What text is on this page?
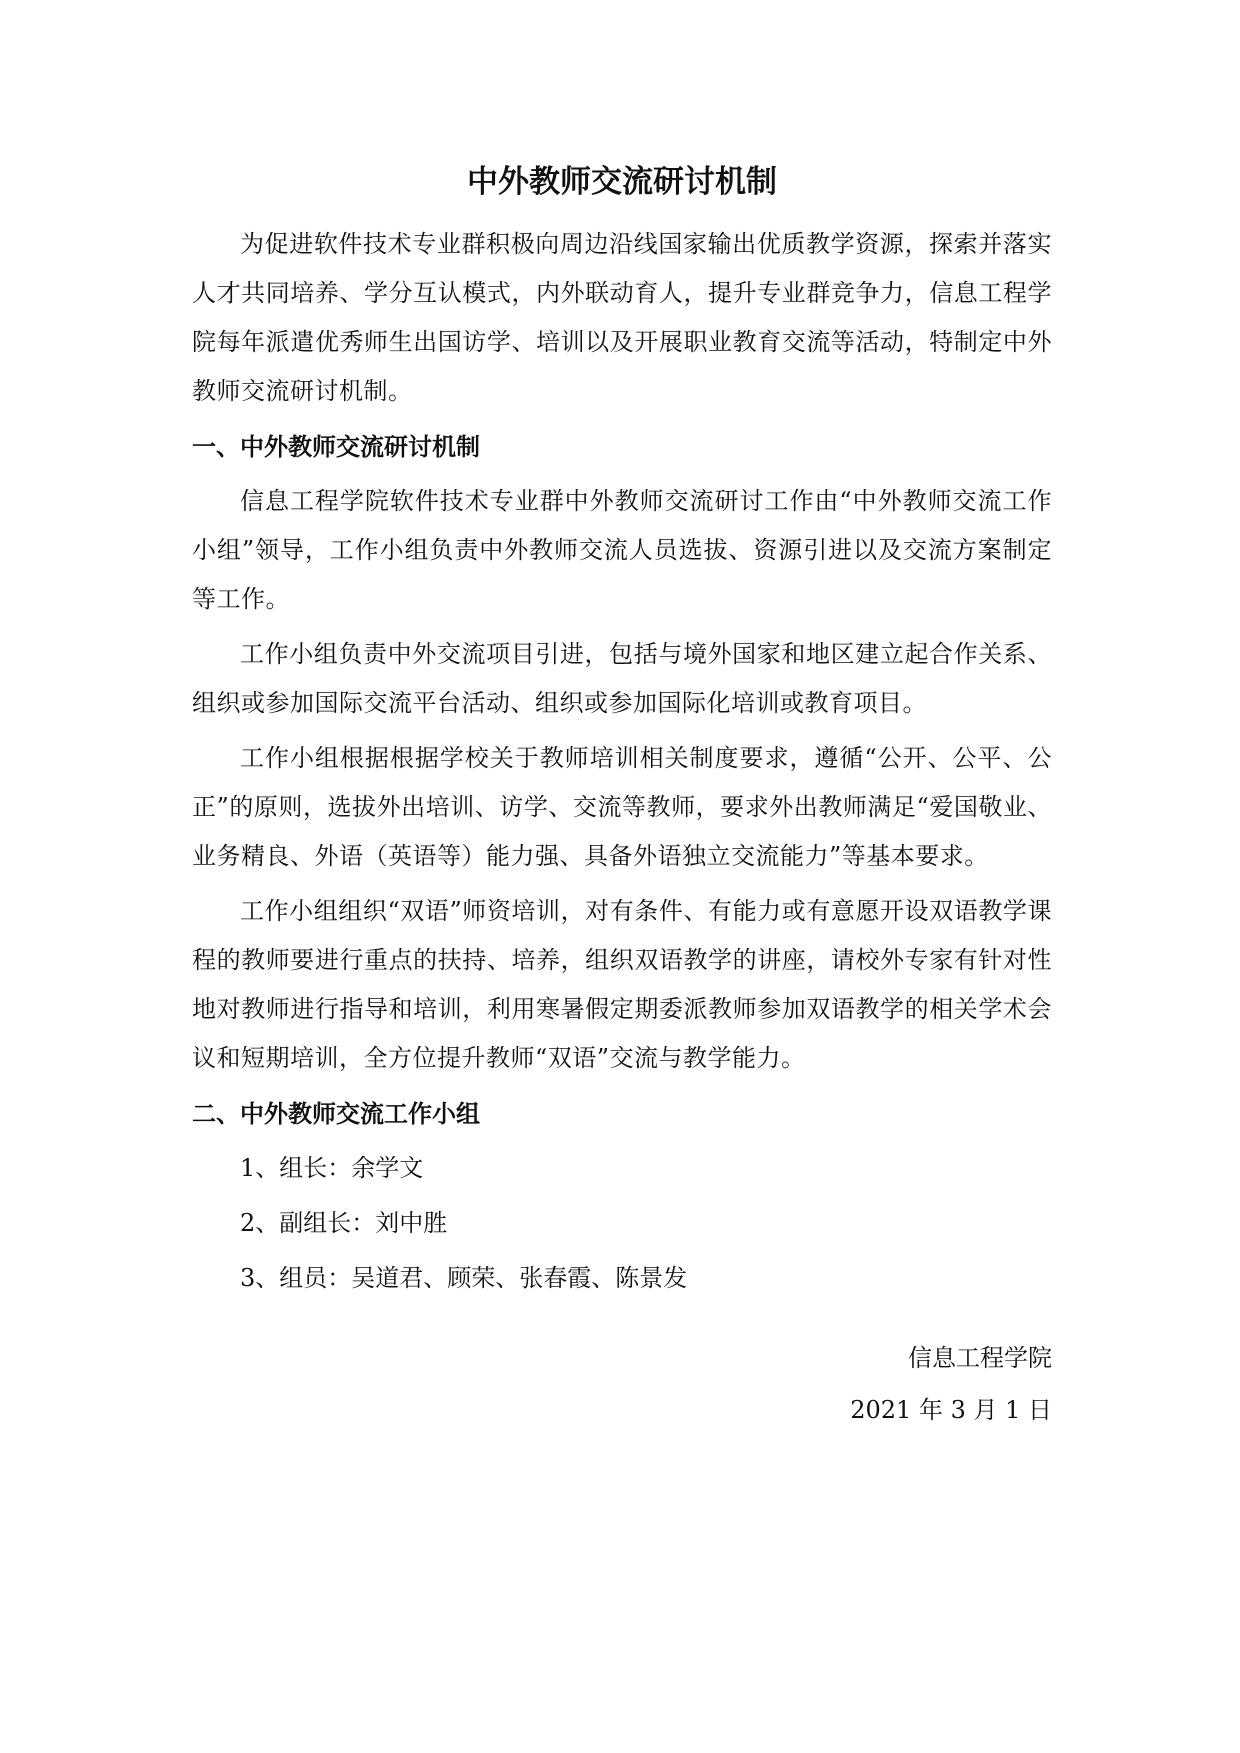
中外教师交流研讨机制

为促进软件技术专业群积极向周边沿线国家输出优质教学资源，探索并落实人才共同培养、学分互认模式，内外联动育人，提升专业群竞争力，信息工程学院每年派遣优秀师生出国访学、培训以及开展职业教育交流等活动，特制定中外教师交流研讨机制。

一、中外教师交流研讨机制

信息工程学院软件技术专业群中外教师交流研讨工作由“中外教师交流工作小组”领导，工作小组负责中外教师交流人员选拔、资源引进以及交流方案制定等工作。

工作小组负责中外交流项目引进，包括与境外国家和地区建立起合作关系、组织或参加国际交流平台活动、组织或参加国际化培训或教育项目。

工作小组根据根据学校关于教师培训相关制度要求，遵循“公开、公平、公正”的原则，选拔外出培训、访学、交流等教师，要求外出教师满足“爱国敬业、业务精良、外语（英语等）能力强、具备外语独立交流能力”等基本要求。

工作小组组织“双语”师资培训，对有条件、有能力或有意愿开设双语教学课程的教师要进行重点的扶持、培养，组织双语教学的讲座，请校外专家有针对性地对教师进行指导和培训，利用寒暑假定期委派教师参加双语教学的相关学术会议和短期培训，全方位提升教师“双语”交流与教学能力。

二、中外教师交流工作小组
1、组长：余学文
2、副组长：刘中胜
3、组员：吴道君、顾荣、张春霞、陈景发
信息工程学院
2021 年 3 月 1 日
